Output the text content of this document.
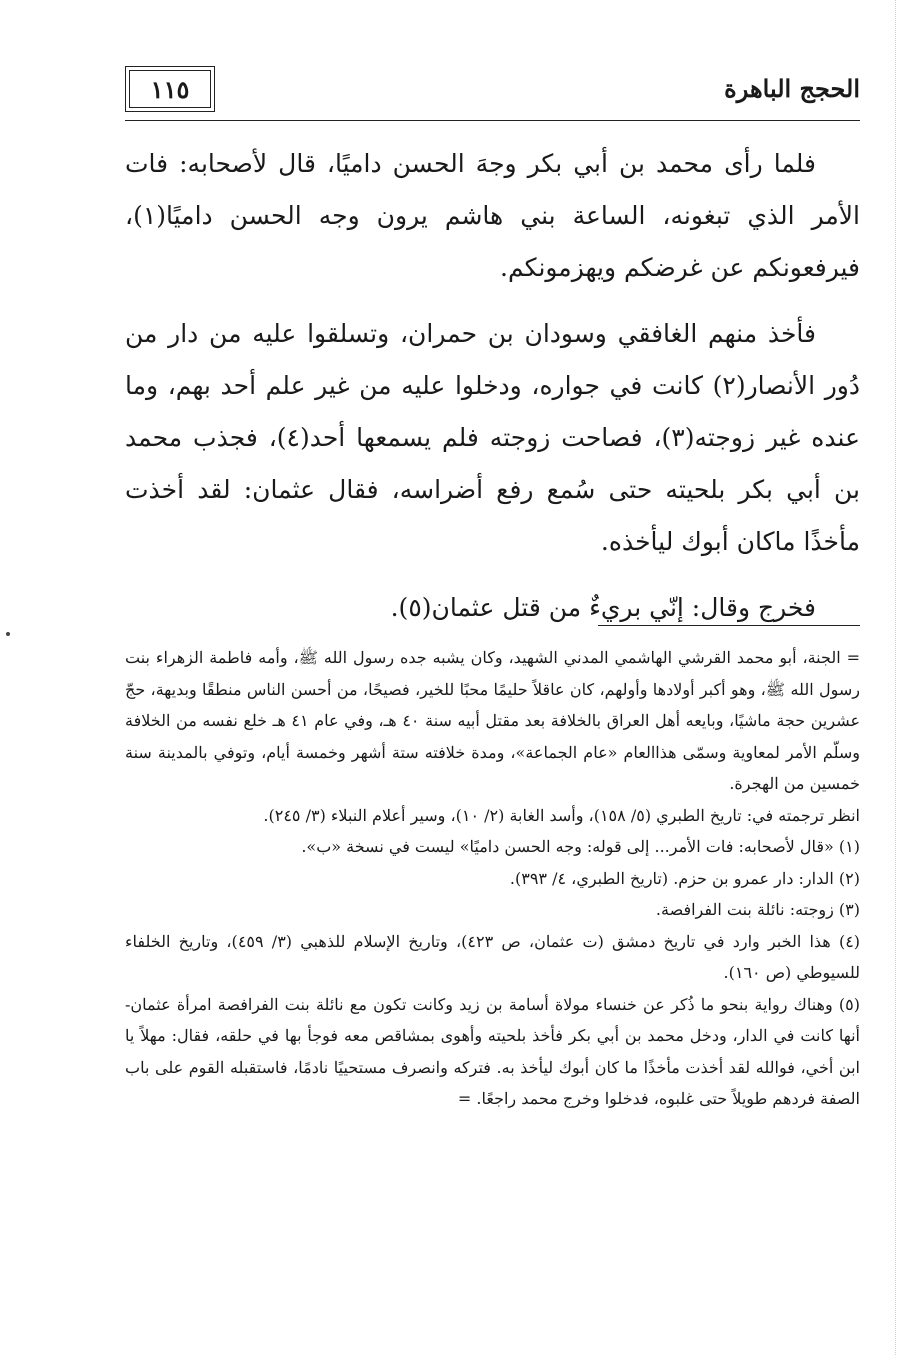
١١٥	الحجج الباهرة

فلما رأى محمد بن أبي بكر وجهَ الحسن داميًا، قال لأصحابه: فات الأمر الذي تبغونه، الساعة بني هاشم يرون وجه الحسن داميًا(١)، فيرفعونكم عن غرضكم ويهزمونكم.

فأخذ منهم الغافقي وسودان بن حمران، وتسلقوا عليه من دار من دُور الأنصار(٢) كانت في جواره، ودخلوا عليه من غير علم أحد بهم، وما عنده غير زوجته(٣)، فصاحت زوجته فلم يسمعها أحد(٤)، فجذب محمد بن أبي بكر بلحيته حتى سُمع رفع أضراسه، فقال عثمان: لقد أخذت مأخذًا ماكان أبوك ليأخذه.

فخرج وقال: إنّي بريءٌ من قتل عثمان(٥).

= الجنة، أبو محمد القرشي الهاشمي المدني الشهيد، وكان يشبه جده رسول الله ﷺ، وأمه فاطمة الزهراء بنت رسول الله ﷺ، وهو أكبر أولادها وأولهم، كان عاقلاً حليمًا محبًا للخير، فصيحًا، من أحسن الناس منطقًا وبديهة، حجّ عشرين حجة ماشيًا، وبايعه أهل العراق بالخلافة بعد مقتل أبيه سنة ٤٠ هـ، وفي عام ٤١ هـ خلع نفسه من الخلافة وسلّم الأمر لمعاوية وسمّى هذاالعام «عام الجماعة»، ومدة خلافته ستة أشهر وخمسة أيام، وتوفي بالمدينة سنة خمسين من الهجرة.

انظر ترجمته في: تاريخ الطبري (٥/ ١٥٨)، وأسد الغابة (٢/ ١٠)، وسير أعلام النبلاء (٣/ ٢٤٥).

(١) «قال لأصحابه: فات الأمر... إلى قوله: وجه الحسن داميًا» ليست في نسخة «ب».

(٢) الدار: دار عمرو بن حزم. (تاريخ الطبري، ٤/ ٣٩٣).

(٣) زوجته: نائلة بنت الفرافصة.

(٤) هذا الخبر وارد في تاريخ دمشق (ت عثمان، ص ٤٢٣)، وتاريخ الإسلام للذهبي (٣/ ٤٥٩)، وتاريخ الخلفاء للسيوطي (ص ١٦٠).

(٥) وهناك رواية بنحو ما ذُكر عن خنساء مولاة أسامة بن زيد وكانت تكون مع نائلة بنت الفرافصة امرأة عثمان- أنها كانت في الدار، ودخل محمد بن أبي بكر فأخذ بلحيته وأهوى بمشاقص معه فوجأ بها في حلقه، فقال: مهلاً يا ابن أخي، فوالله لقد أخذت مأخذًا ما كان أبوك ليأخذ به. فتركه وانصرف مستحييًا نادمًا، فاستقبله القوم على باب الصفة فردهم طويلاً حتى غلبوه، فدخلوا وخرج محمد راجعًا. =
